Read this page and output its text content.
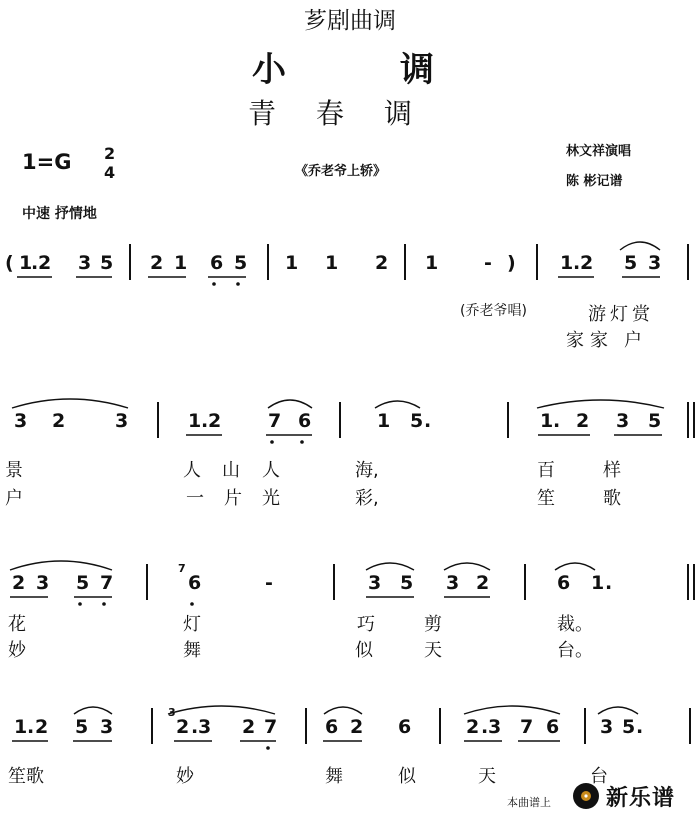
芗剧曲调
小	调
青春调
1=G 2
4	《乔老爷上轿》
林文祥演唱
陈 彬记谱
中速 抒情地
本曲谱上	新乐谱
( 1
. 2 3 5 2 1 6 5 1 1 2 1 - ) 1 . 2 5 3
(乔老爷唱)	游 灯 赏
家 家 户
3 2	3	1 . 2 7 6	1 5 .	1 . 2 3 5
景	人 山 人	海,	百	样
户	一 片 光	彩,	笙	歌
2 3 5 7
7
6	-	3 5 3 2	6 1 .
花	灯	巧	剪	裁。
妙	舞	似	天	台。
1 . 2 5 3
3
2 . 3 2 7	6 2 6	2 . 3 7 6 3 5 .
笙歌	妙	舞	似	天	台
